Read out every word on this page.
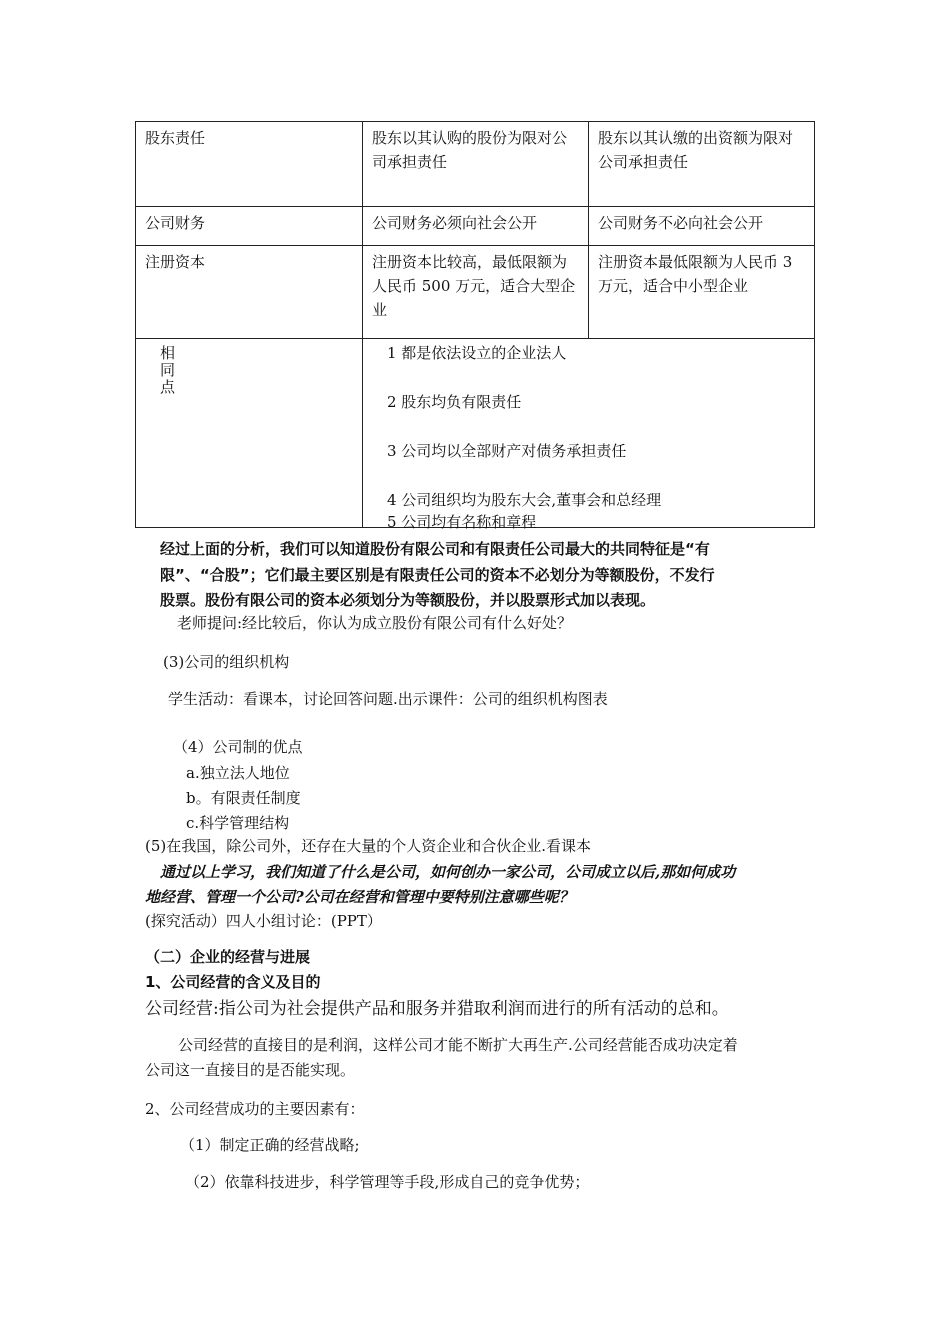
股东责任	股东以其认购的股份为限对公司承担责任	股东以其认缴的出资额为限对公司承担责任
公司财务	公司财务必须向社会公开	公司财务不必向社会公开
注册资本	注册资本比较高，最低限额为人民币 500 万元，适合大型企业	注册资本最低限额为人民币 3 万元，适合中小型企业

相同点	1 都是依法设立的企业法人
2 股东均负有限责任
3 公司均以全部财产对债务承担责任
4 公司组织均为股东大会,董事会和总经理
5 公司均有名称和章程	
经过上面的分析，我们可以知道股份有限公司和有限责任公司最大的共同特征是“有
限”、“合股”；它们最主要区别是有限责任公司的资本不必划分为等额股份，不发行
股票。股份有限公司的资本必须划分为等额股份，并以股票形式加以表现。
老师提问:经比较后，你认为成立股份有限公司有什么好处？
(3)公司的组织机构
学生活动：看课本，讨论回答问题.出示课件：公司的组织机构图表
（4）公司制的优点
a.独立法人地位
b。有限责任制度
c.科学管理结构
(5)在我国，除公司外，还存在大量的个人资企业和合伙企业.看课本
通过以上学习，我们知道了什么是公司，如何创办一家公司，公司成立以后,那如何成功
地经营、管理一个公司?公司在经营和管理中要特别注意哪些呢？
(探究活动）四人小组讨论：(PPT）
（二）企业的经营与进展
1、公司经营的含义及目的
公司经营:指公司为社会提供产品和服务并猎取利润而进行的所有活动的总和。
公司经营的直接目的是利润，这样公司才能不断扩大再生产.公司经营能否成功决定着
公司这一直接目的是否能实现。
2、公司经营成功的主要因素有：
（1）制定正确的经营战略;
（2）依靠科技进步，科学管理等手段,形成自己的竞争优势；
